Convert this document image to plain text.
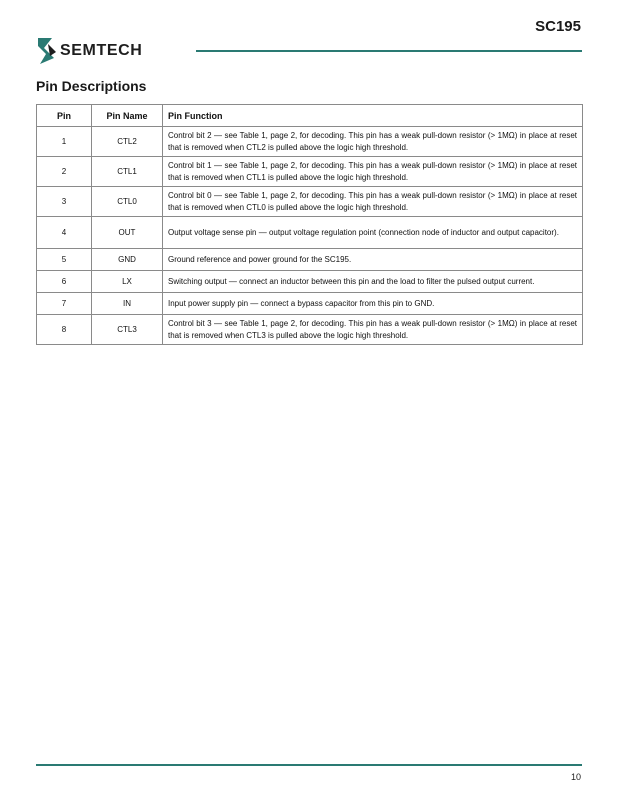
SC195
SEMTECH
Pin Descriptions
Pin	Pin Name	Pin Function
1	CTL2	Control bit 2 — see Table 1, page 2, for decoding. This pin has a weak pull-down resistor (> 1MΩ) in place at reset that is removed when CTL2 is pulled above the logic high threshold.
2	CTL1	Control bit 1 — see Table 1, page 2, for decoding. This pin has a weak pull-down resistor (> 1MΩ) in place at reset that is removed when CTL1 is pulled above the logic high threshold.
3	CTL0	Control bit 0 — see Table 1, page 2, for decoding. This pin has a weak pull-down resistor (> 1MΩ) in place at reset that is removed when CTL0 is pulled above the logic high threshold.
4	OUT	Output voltage sense pin — output voltage regulation point (connection node of inductor and output capacitor).
5	GND	Ground reference and power ground for the SC195.
6	LX	Switching output — connect an inductor between this pin and the load to filter the pulsed output current.
7	IN	Input power supply pin — connect a bypass capacitor from this pin to GND.
8	CTL3	Control bit 3 — see Table 1, page 2, for decoding. This pin has a weak pull-down resistor (> 1MΩ) in place at reset that is removed when CTL3 is pulled above the logic high threshold.
10
